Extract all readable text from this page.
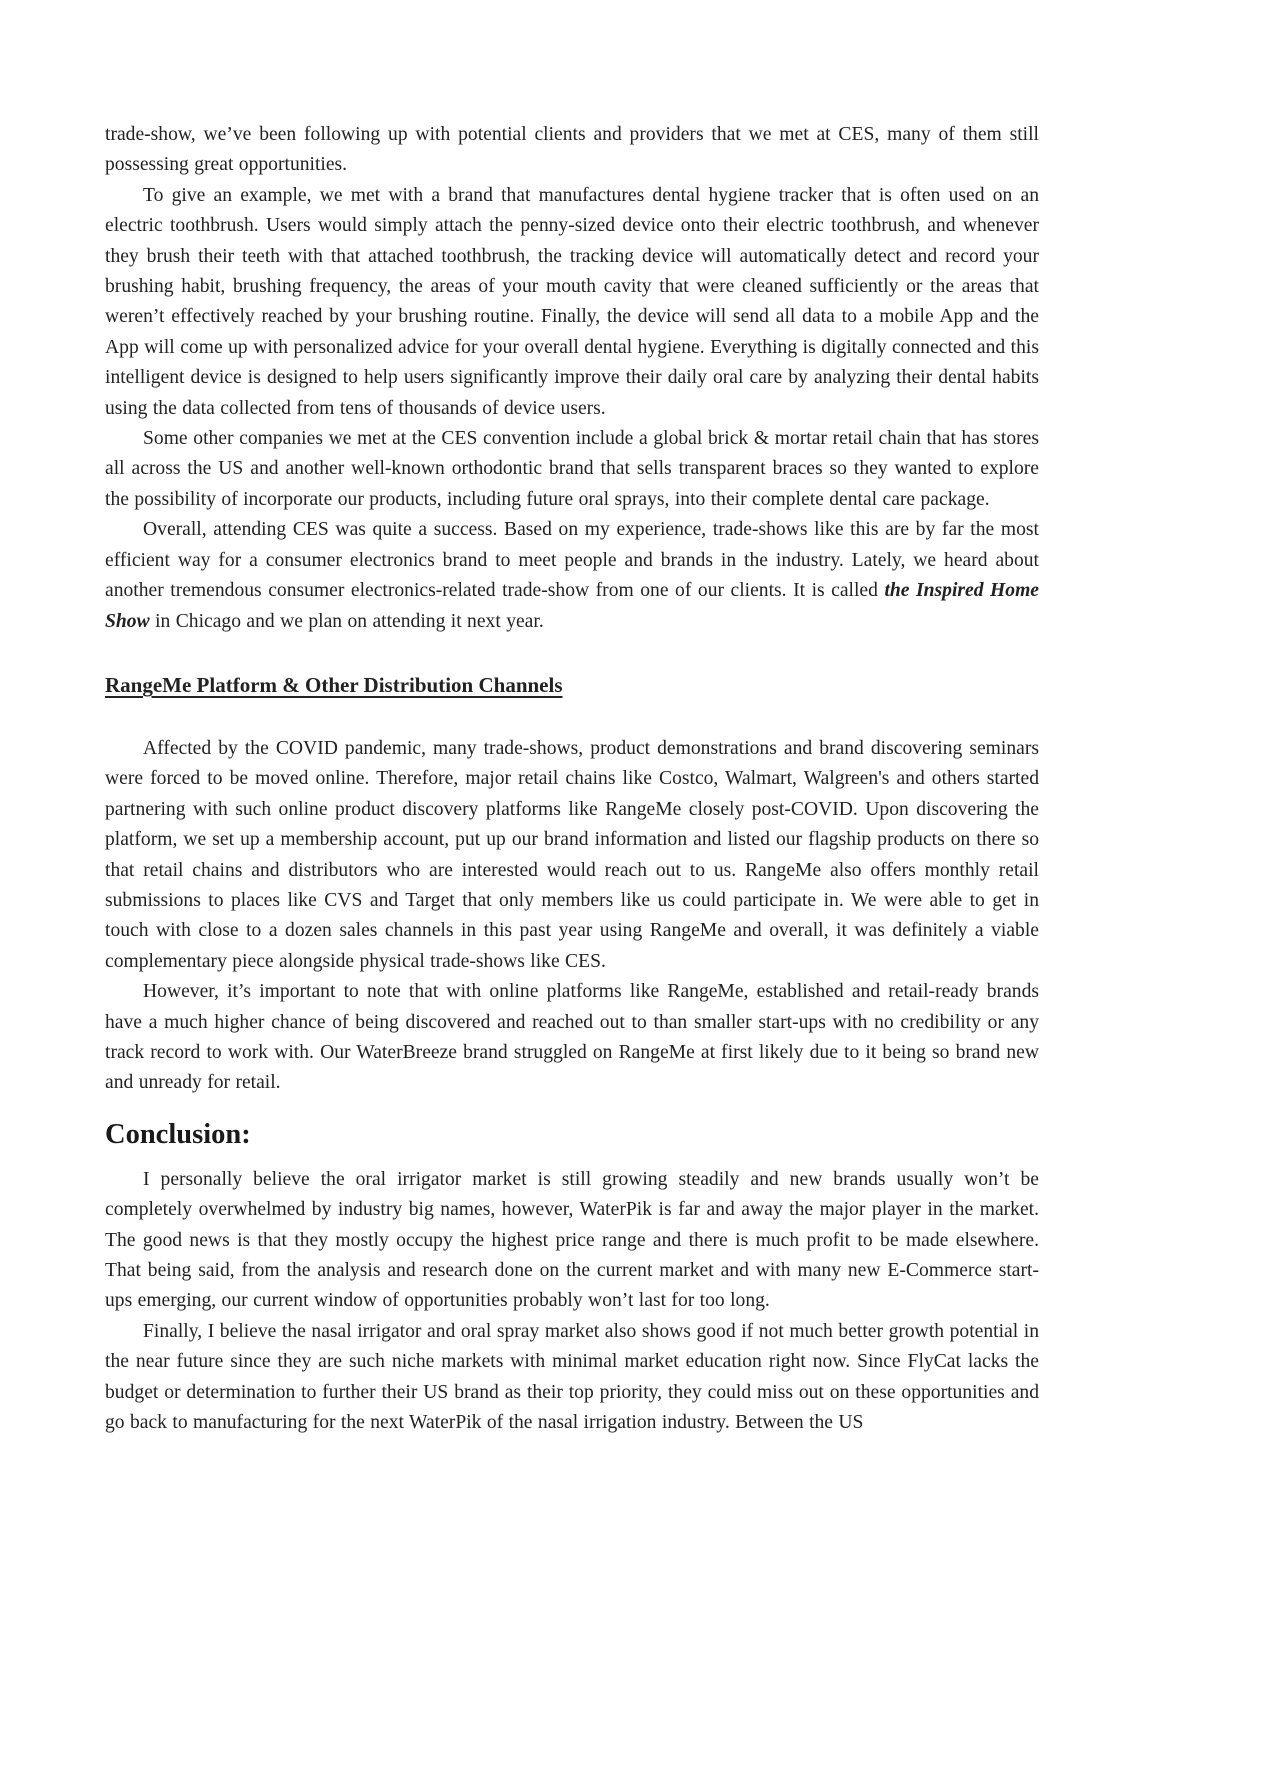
trade-show, we’ve been following up with potential clients and providers that we met at CES, many of them still possessing great opportunities.

To give an example, we met with a brand that manufactures dental hygiene tracker that is often used on an electric toothbrush. Users would simply attach the penny-sized device onto their electric toothbrush, and whenever they brush their teeth with that attached toothbrush, the tracking device will automatically detect and record your brushing habit, brushing frequency, the areas of your mouth cavity that were cleaned sufficiently or the areas that weren’t effectively reached by your brushing routine. Finally, the device will send all data to a mobile App and the App will come up with personalized advice for your overall dental hygiene. Everything is digitally connected and this intelligent device is designed to help users significantly improve their daily oral care by analyzing their dental habits using the data collected from tens of thousands of device users.

Some other companies we met at the CES convention include a global brick & mortar retail chain that has stores all across the US and another well-known orthodontic brand that sells transparent braces so they wanted to explore the possibility of incorporate our products, including future oral sprays, into their complete dental care package.

Overall, attending CES was quite a success. Based on my experience, trade-shows like this are by far the most efficient way for a consumer electronics brand to meet people and brands in the industry. Lately, we heard about another tremendous consumer electronics-related trade-show from one of our clients. It is called the Inspired Home Show in Chicago and we plan on attending it next year.

RangeMe Platform & Other Distribution Channels

Affected by the COVID pandemic, many trade-shows, product demonstrations and brand discovering seminars were forced to be moved online. Therefore, major retail chains like Costco, Walmart, Walgreen's and others started partnering with such online product discovery platforms like RangeMe closely post-COVID. Upon discovering the platform, we set up a membership account, put up our brand information and listed our flagship products on there so that retail chains and distributors who are interested would reach out to us. RangeMe also offers monthly retail submissions to places like CVS and Target that only members like us could participate in. We were able to get in touch with close to a dozen sales channels in this past year using RangeMe and overall, it was definitely a viable complementary piece alongside physical trade-shows like CES.

However, it’s important to note that with online platforms like RangeMe, established and retail-ready brands have a much higher chance of being discovered and reached out to than smaller start-ups with no credibility or any track record to work with. Our WaterBreeze brand struggled on RangeMe at first likely due to it being so brand new and unready for retail.

Conclusion:

I personally believe the oral irrigator market is still growing steadily and new brands usually won’t be completely overwhelmed by industry big names, however, WaterPik is far and away the major player in the market. The good news is that they mostly occupy the highest price range and there is much profit to be made elsewhere. That being said, from the analysis and research done on the current market and with many new E-Commerce start-ups emerging, our current window of opportunities probably won’t last for too long.

Finally, I believe the nasal irrigator and oral spray market also shows good if not much better growth potential in the near future since they are such niche markets with minimal market education right now. Since FlyCat lacks the budget or determination to further their US brand as their top priority, they could miss out on these opportunities and go back to manufacturing for the next WaterPik of the nasal irrigation industry. Between the US
